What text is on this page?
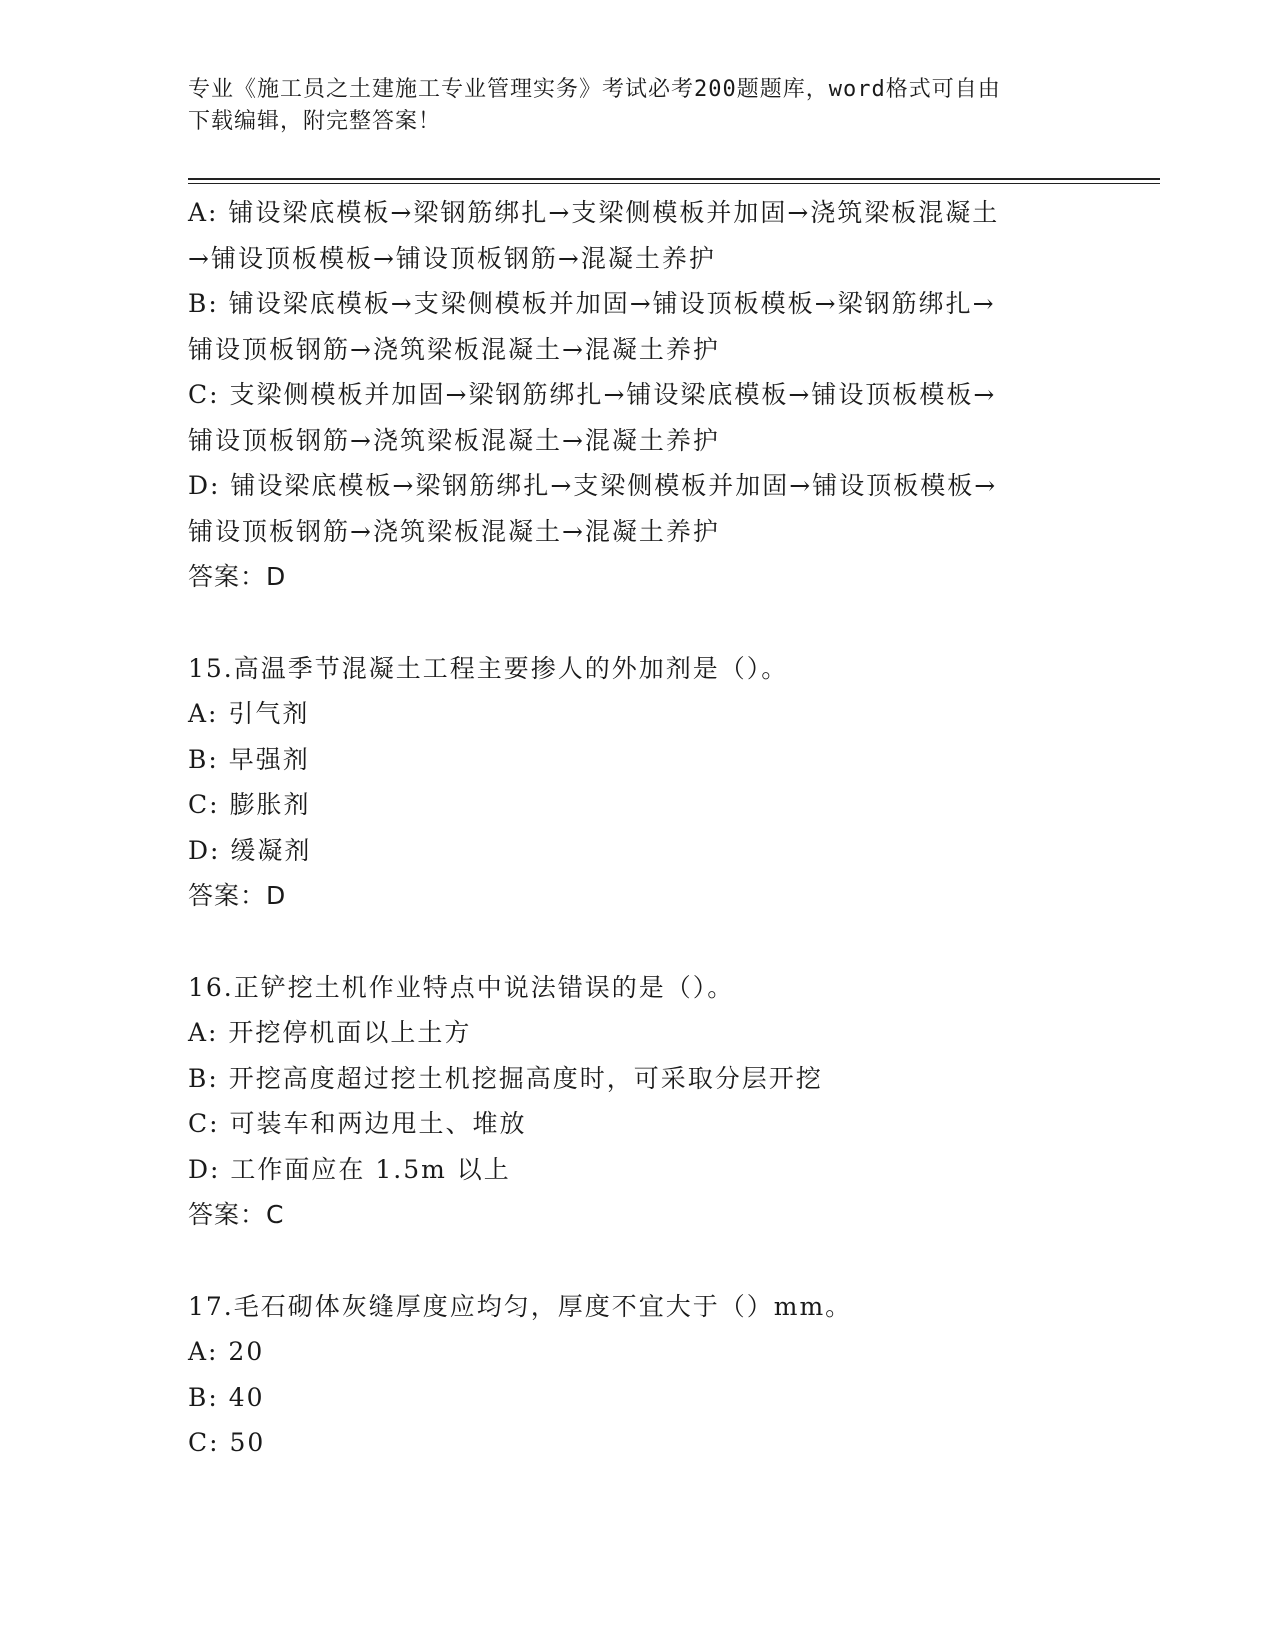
专业《施工员之土建施工专业管理实务》考试必考200题题库，word格式可自由
下载编辑，附完整答案！
A: 铺设梁底模板→梁钢筋绑扎→支梁侧模板并加固→浇筑梁板混凝土
→铺设顶板模板→铺设顶板钢筋→混凝土养护
B: 铺设梁底模板→支梁侧模板并加固→铺设顶板模板→梁钢筋绑扎→
铺设顶板钢筋→浇筑梁板混凝土→混凝土养护
C: 支梁侧模板并加固→梁钢筋绑扎→铺设梁底模板→铺设顶板模板→
铺设顶板钢筋→浇筑梁板混凝土→混凝土养护
D: 铺设梁底模板→梁钢筋绑扎→支梁侧模板并加固→铺设顶板模板→
铺设顶板钢筋→浇筑梁板混凝土→混凝土养护
答案：D
15.高温季节混凝土工程主要掺人的外加剂是（）。
A: 引气剂
B: 早强剂
C: 膨胀剂
D: 缓凝剂
答案：D
16.正铲挖土机作业特点中说法错误的是（）。
A: 开挖停机面以上土方
B: 开挖高度超过挖土机挖掘高度时，可采取分层开挖
C: 可装车和两边甩土、堆放
D: 工作面应在 1.5m 以上
答案：C
17.毛石砌体灰缝厚度应均匀，厚度不宜大于（）mm。
A: 20
B: 40
C: 50
